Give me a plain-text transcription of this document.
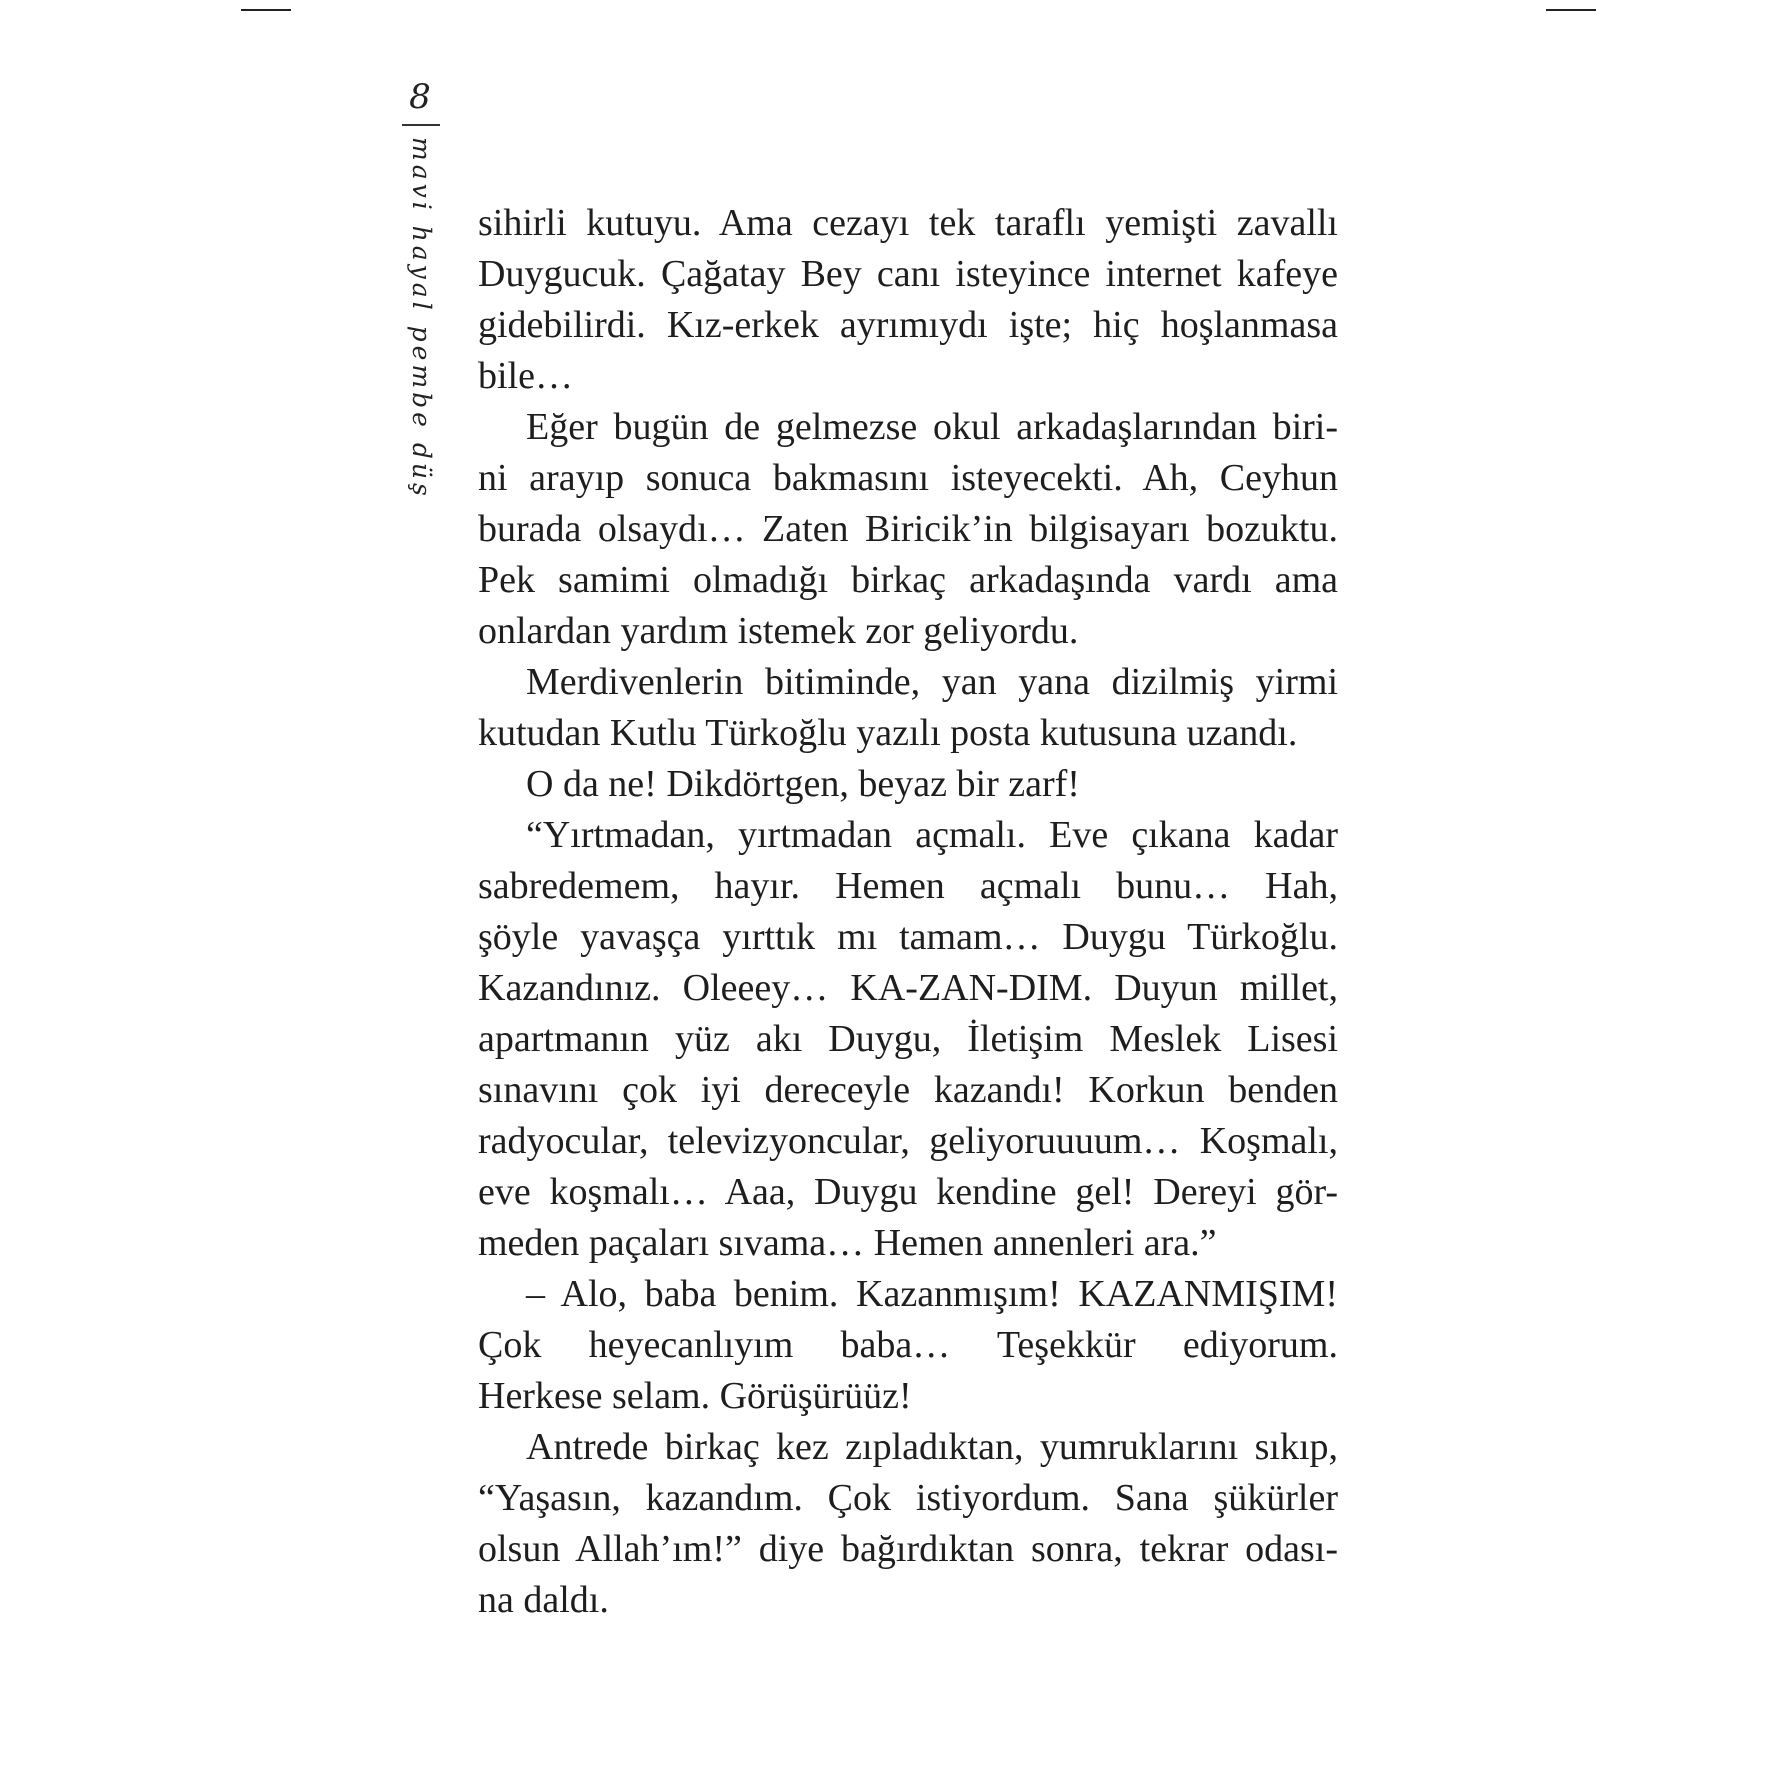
8
mavi hayal pembe düş sihirli kutuyu. Ama cezayı tek taraflı yemişti zavallı
Duygucuk. Çağatay Bey canı isteyince internet kafeye
gidebilirdi. Kız-erkek ayrımıydı işte; hiç hoşlanmasa
bile…
Eğer bugün de gelmezse okul arkadaşlarından biri-
ni arayıp sonuca bakmasını isteyecekti. Ah, Ceyhun
burada olsaydı… Zaten Biricik’in bilgisayarı bozuktu.
Pek samimi olmadığı birkaç arkadaşında vardı ama
onlardan yardım istemek zor geliyordu.
Merdivenlerin bitiminde, yan yana dizilmiş yirmi
kutudan Kutlu Türkoğlu yazılı posta kutusuna uzandı.
O da ne! Dikdörtgen, beyaz bir zarf!
“Yırtmadan, yırtmadan açmalı. Eve çıkana kadar
sabredemem, hayır. Hemen açmalı bunu… Hah,
şöyle yavaşça yırttık mı tamam… Duygu Türkoğlu.
Kazandınız. Oleeey… KA-ZAN-DIM. Duyun millet,
apartmanın yüz akı Duygu, İletişim Meslek Lisesi
sınavını çok iyi dereceyle kazandı! Korkun benden
radyocular, televizyoncular, geliyoruuuum… Koşmalı,
eve koşmalı… Aaa, Duygu kendine gel! Dereyi gör-
meden paçaları sıvama… Hemen annenleri ara.”
– Alo, baba benim. Kazanmışım! KAZANMIŞIM!
Çok heyecanlıyım baba… Teşekkür ediyorum.
Herkese selam. Görüşürüüz!
Antrede birkaç kez zıpladıktan, yumruklarını sıkıp,
“Yaşasın, kazandım. Çok istiyordum. Sana şükürler
olsun Allah’ım!” diye bağırdıktan sonra, tekrar odası-
na daldı.
